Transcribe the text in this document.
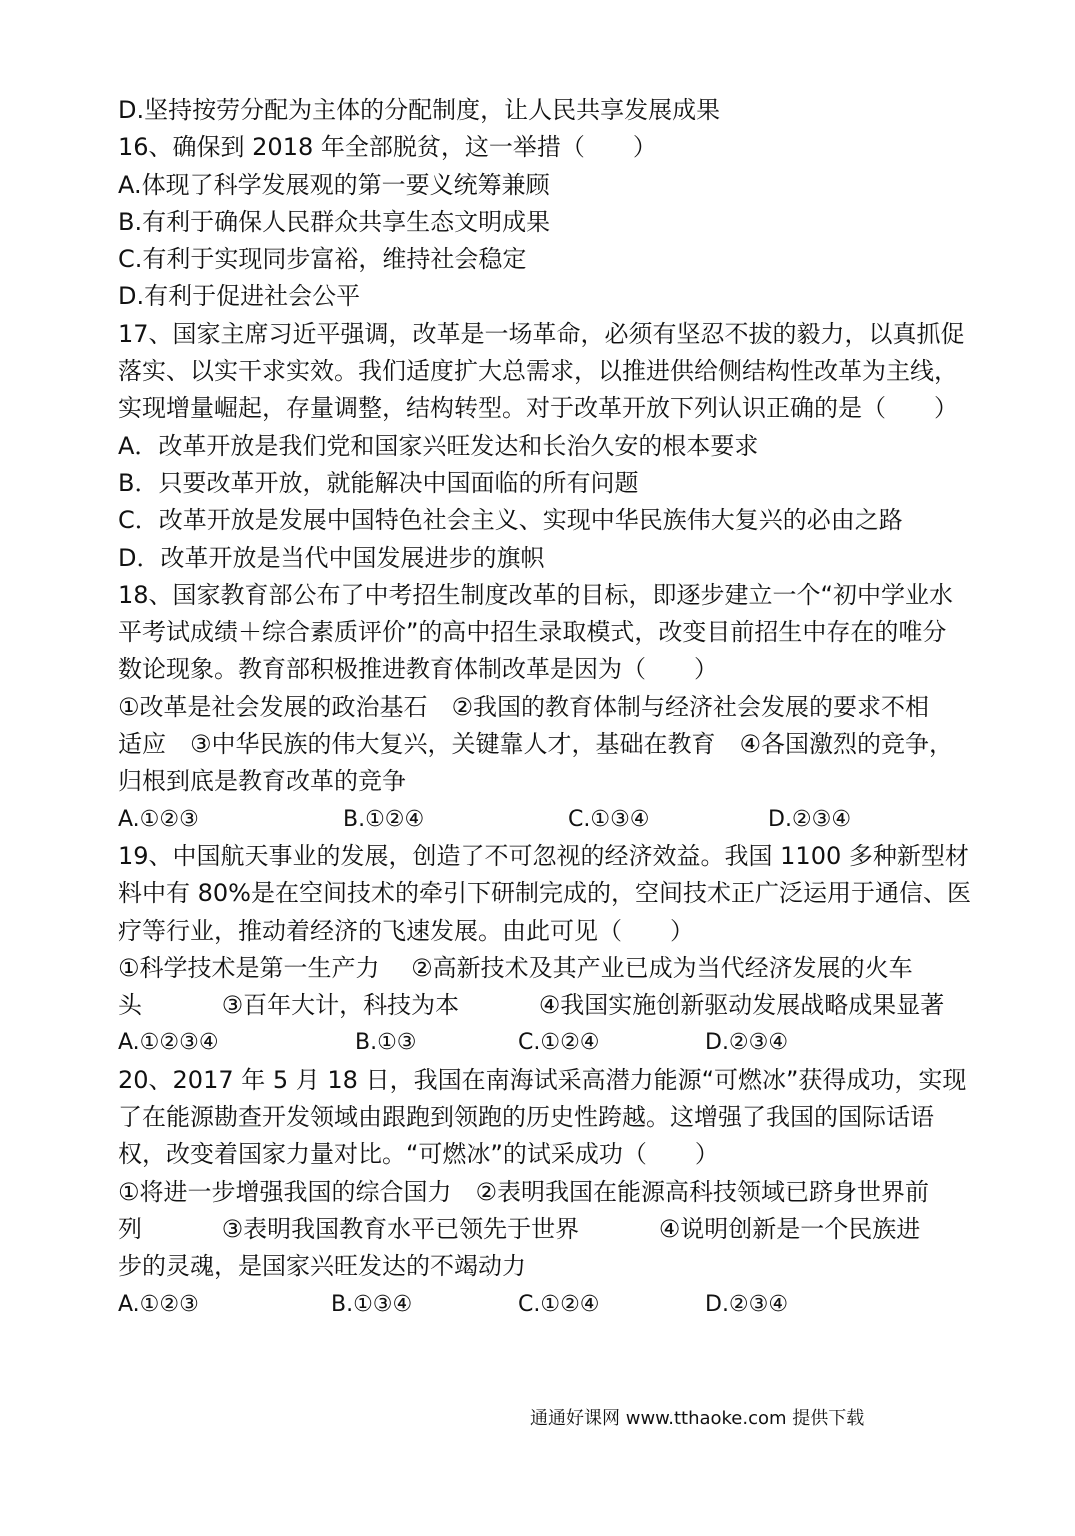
D.坚持按劳分配为主体的分配制度，让人民共享发展成果
16、确保到 2018 年全部脱贫，这一举措（　　）
A.体现了科学发展观的第一要义统筹兼顾
B.有利于确保人民群众共享生态文明成果
C.有利于实现同步富裕，维持社会稳定
D.有利于促进社会公平
17、国家主席习近平强调，改革是一场革命，必须有坚忍不拔的毅力，以真抓促
落实、以实干求实效。我们适度扩大总需求，以推进供给侧结构性改革为主线，
实现增量崛起，存量调整，结构转型。对于改革开放下列认识正确的是（　　）
A．改革开放是我们党和国家兴旺发达和长治久安的根本要求
B．只要改革开放，就能解决中国面临的所有问题
C．改革开放是发展中国特色社会主义、实现中华民族伟大复兴的必由之路
D．改革开放是当代中国发展进步的旗帜
18、国家教育部公布了中考招生制度改革的目标，即逐步建立一个“初中学业水
平考试成绩＋综合素质评价”的高中招生录取模式，改变目前招生中存在的唯分
数论现象。教育部积极推进教育体制改革是因为（　　）
①改革是社会发展的政治基石　②我国的教育体制与经济社会发展的要求不相
适应　③中华民族的伟大复兴，关键靠人才，基础在教育　④各国激烈的竞争，
归根到底是教育改革的竞争
A.①②③	B.①②④	C.①③④	D.②③④
19、中国航天事业的发展，创造了不可忽视的经济效益。我国 1100 多种新型材
料中有 80%是在空间技术的牵引下研制完成的，空间技术正广泛运用于通信、医
疗等行业，推动着经济的飞速发展。由此可见（　　）
①科学技术是第一生产力　 ②高新技术及其产业已成为当代经济发展的火车
头　　　 ③百年大计，科技为本　　　 ④我国实施创新驱动发展战略成果显著
A.①②③④	B.①③	C.①②④	D.②③④
20、2017 年 5 月 18 日，我国在南海试采高潜力能源“可燃冰”获得成功，实现
了在能源勘查开发领域由跟跑到领跑的历史性跨越。这增强了我国的国际话语
权，改变着国家力量对比。“可燃冰”的试采成功（　　）
①将进一步增强我国的综合国力　②表明我国在能源高科技领域已跻身世界前
列　　　 ③表明我国教育水平已领先于世界　　　 ④说明创新是一个民族进
步的灵魂，是国家兴旺发达的不竭动力
A.①②③	B.①③④	C.①②④	D.②③④
通通好课网 www.tthaoke.com 提供下载
